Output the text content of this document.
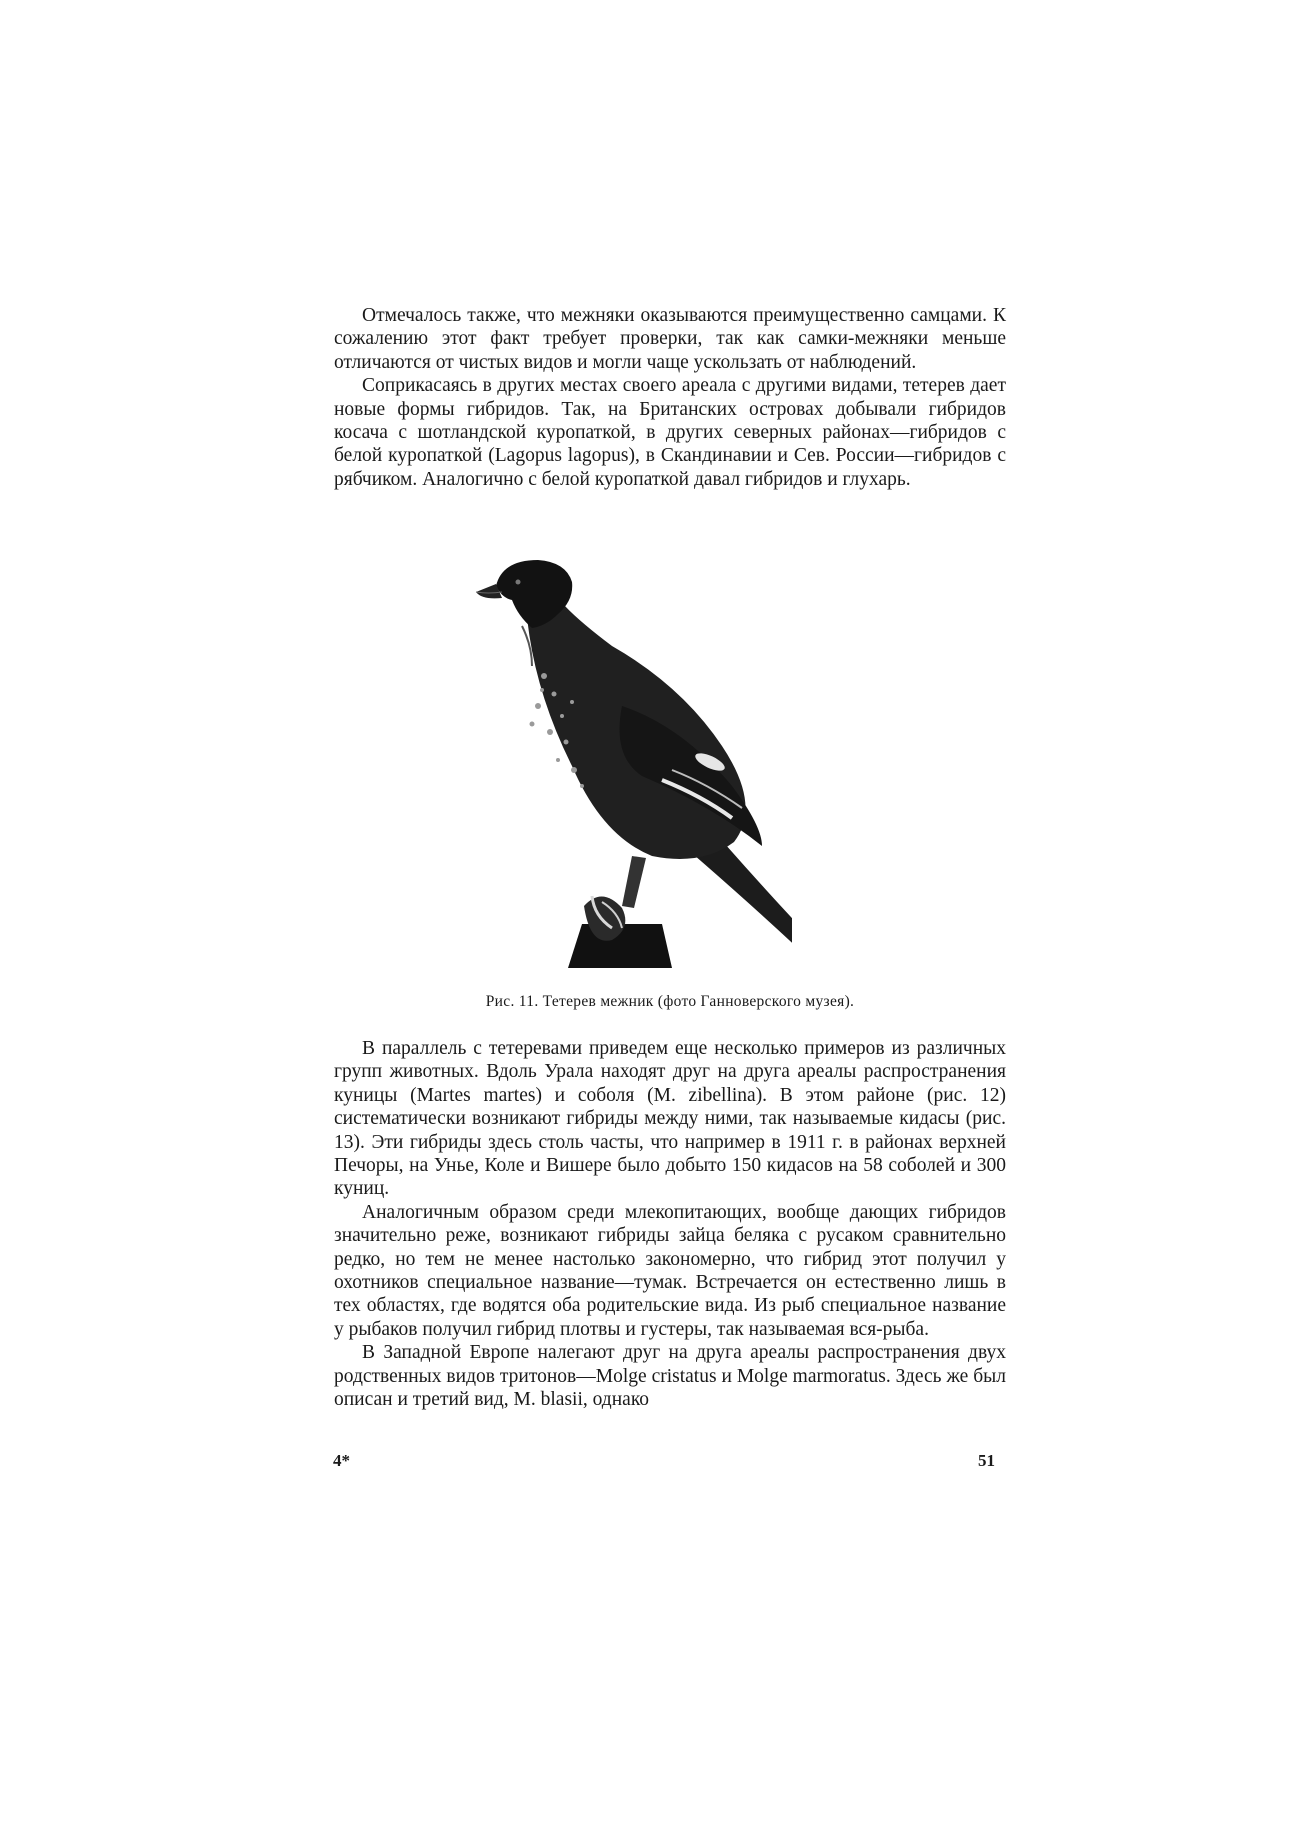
Отмечалось также, что межняки оказываются преимущественно самцами. К сожалению этот факт требует проверки, так как самки-межняки меньше отличаются от чистых видов и могли чаще ускользать от наблюдений.

Соприкасаясь в других местах своего ареала с другими видами, тетерев дает новые формы гибридов. Так, на Британских островах добывали гибридов косача с шотландской куропаткой, в других северных районах—гибридов с белой куропаткой (Lagopus lagopus), в Скандинавии и Сев. России—гибридов с рябчиком. Аналогично с белой куропаткой давал гибридов и глухарь.

Рис. 11. Тетерев межник (фото Ганноверского музея).

В параллель с тетеревами приведем еще несколько примеров из различных групп животных. Вдоль Урала находят друг на друга ареалы распространения куницы (Martes martes) и соболя (M. zibellina). В этом районе (рис. 12) систематически возникают гибриды между ними, так называемые кидасы (рис. 13). Эти гибриды здесь столь часты, что например в 1911 г. в районах верхней Печоры, на Унье, Коле и Вишере было добыто 150 кидасов на 58 соболей и 300 куниц.

Аналогичным образом среди млекопитающих, вообще дающих гибридов значительно реже, возникают гибриды зайца беляка с русаком сравнительно редко, но тем не менее настолько закономерно, что гибрид этот получил у охотников специальное название—тумак. Встречается он естественно лишь в тех областях, где водятся оба родительские вида. Из рыб специальное название у рыбаков получил гибрид плотвы и густеры, так называемая вся-рыба.

В Западной Европе налегают друг на друга ареалы распространения двух родственных видов тритонов—Molge cristatus и Molge marmoratus. Здесь же был описан и третий вид, M. blasii, однако

4*	51
